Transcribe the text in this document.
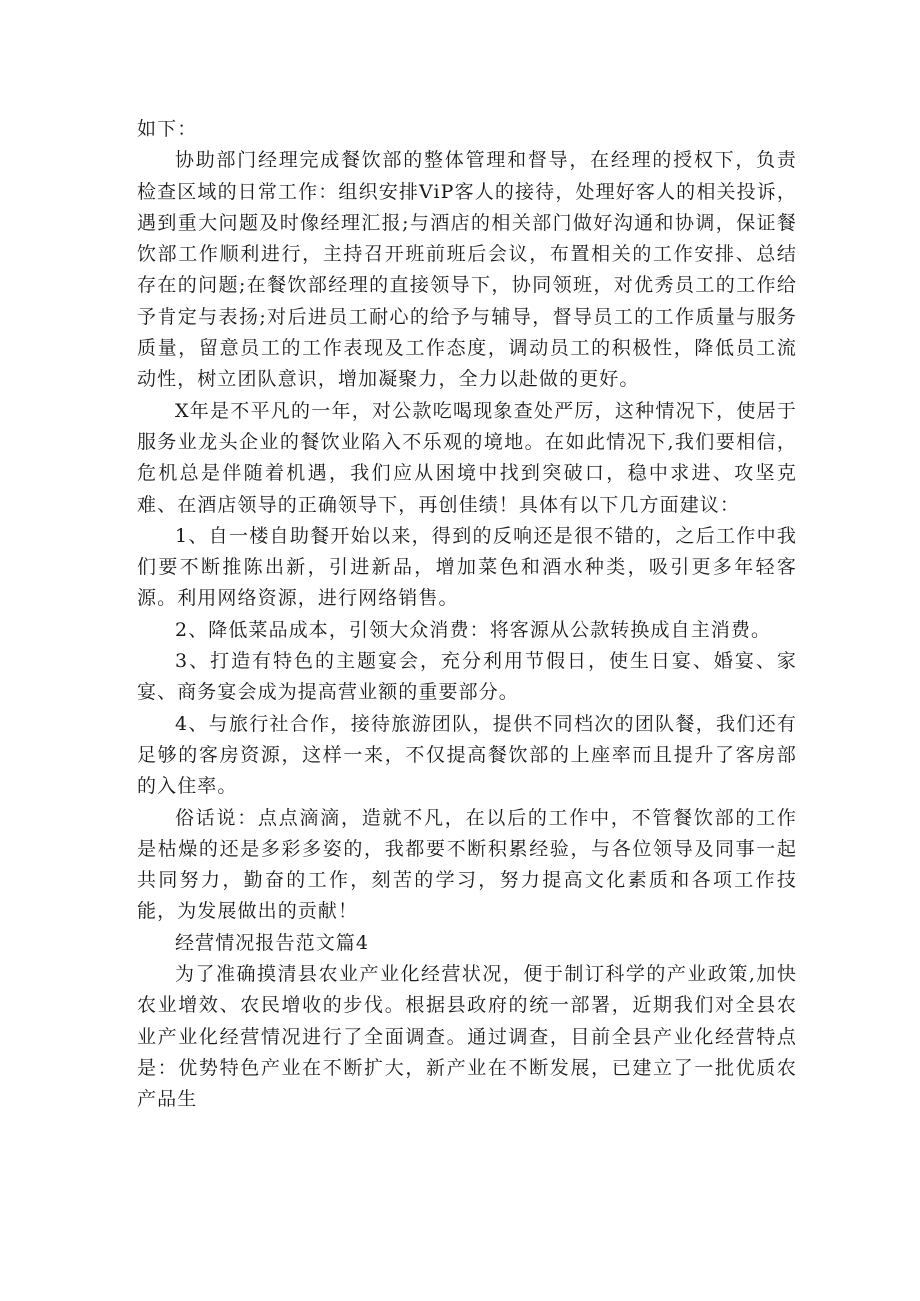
如下：

协助部门经理完成餐饮部的整体管理和督导，在经理的授权下，负责检查区域的日常工作：组织安排ViP客人的接待，处理好客人的相关投诉，遇到重大问题及时像经理汇报;与酒店的相关部门做好沟通和协调，保证餐饮部工作顺利进行，主持召开班前班后会议，布置相关的工作安排、总结存在的问题;在餐饮部经理的直接领导下，协同领班，对优秀员工的工作给予肯定与表扬;对后进员工耐心的给予与辅导，督导员工的工作质量与服务质量，留意员工的工作表现及工作态度，调动员工的积极性，降低员工流动性，树立团队意识，增加凝聚力，全力以赴做的更好。

X年是不平凡的一年，对公款吃喝现象查处严厉，这种情况下，使居于服务业龙头企业的餐饮业陷入不乐观的境地。在如此情况下,我们要相信，危机总是伴随着机遇，我们应从困境中找到突破口，稳中求进、攻坚克难、在酒店领导的正确领导下，再创佳绩！具体有以下几方面建议：

1、自一楼自助餐开始以来，得到的反响还是很不错的，之后工作中我们要不断推陈出新，引进新品，增加菜色和酒水种类，吸引更多年轻客源。利用网络资源，进行网络销售。

2、降低菜品成本，引领大众消费：将客源从公款转换成自主消费。

3、打造有特色的主题宴会，充分利用节假日，使生日宴、婚宴、家宴、商务宴会成为提高营业额的重要部分。

4、与旅行社合作，接待旅游团队，提供不同档次的团队餐，我们还有足够的客房资源，这样一来，不仅提高餐饮部的上座率而且提升了客房部的入住率。

俗话说：点点滴滴，造就不凡，在以后的工作中，不管餐饮部的工作是枯燥的还是多彩多姿的，我都要不断积累经验，与各位领导及同事一起共同努力，勤奋的工作，刻苦的学习，努力提高文化素质和各项工作技能，为发展做出的贡献！

经营情况报告范文篇4

为了准确摸清县农业产业化经营状况，便于制订科学的产业政策,加快农业增效、农民增收的步伐。根据县政府的统一部署，近期我们对全县农业产业化经营情况进行了全面调查。通过调查，目前全县产业化经营特点是：优势特色产业在不断扩大，新产业在不断发展，已建立了一批优质农产品生
